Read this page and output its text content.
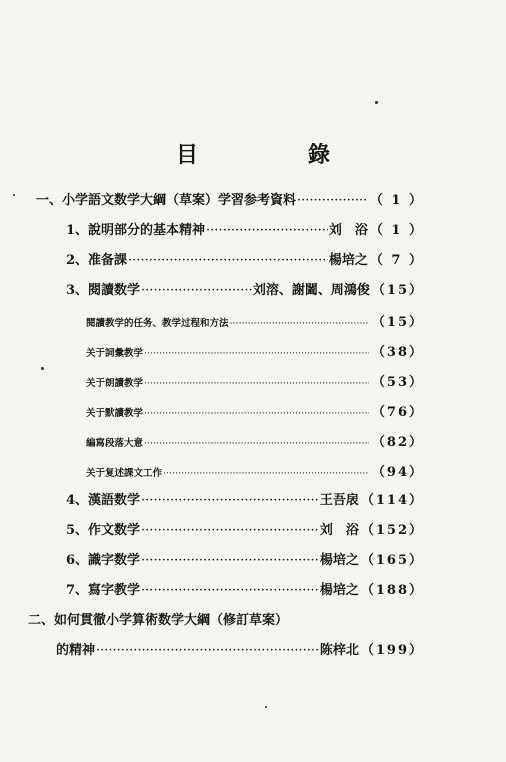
目　錄
一、小学語文数学大綱（草案）学習参考資料 ·····	（ 1 ）
1、說明部分的基本精神 ·····	刘　浴 （ 1 ）
2、准备課 ·····	楊培之 （ 7 ）
3、閱讀数学 ·····	刘溶、謝闔、周鴻俊 （15）
閱讀教学的任务、教学过程和方法 ·····	（15）
关于詞彙教学 ·····	（38）
关于朗讀教学 ·····	（53）
关于默讀教学 ·····	（76）
編寫段落大意 ·····	（82）
关于复述課文工作 ·····	（94）
4、漢語数学 ·····	王吾扆 （114）
5、作文数学 ·····	刘　浴 （152）
6、識字数学 ·····	楊培之 （165）
7、寫字教学 ·····	楊培之 （188）
二、如何貫徹小学算術数学大綱（修訂草案）
的精神 ·····	陈梓北 （199）
